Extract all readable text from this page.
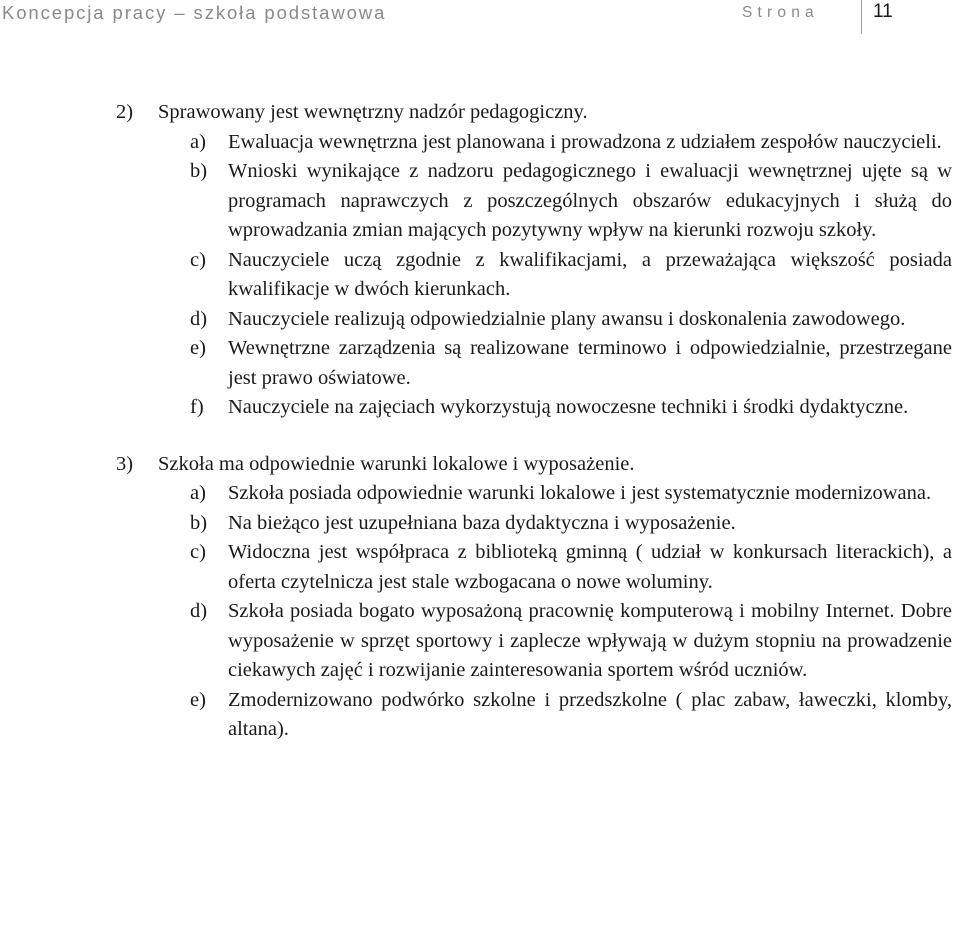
Koncepcja pracy – szkoła podstawowa	Strona	11
2) Sprawowany jest wewnętrzny nadzór pedagogiczny.
a) Ewaluacja wewnętrzna jest planowana i prowadzona z udziałem zespołów nauczycieli.
b) Wnioski wynikające z nadzoru pedagogicznego i ewaluacji wewnętrznej ujęte są w programach naprawczych z poszczególnych obszarów edukacyjnych i służą do wprowadzania zmian mających pozytywny wpływ na kierunki rozwoju szkoły.
c) Nauczyciele uczą zgodnie z kwalifikacjami, a przeważająca większość posiada kwalifikacje w dwóch kierunkach.
d) Nauczyciele realizują odpowiedzialnie plany awansu i doskonalenia zawodowego.
e) Wewnętrzne zarządzenia są realizowane terminowo i odpowiedzialnie, przestrzegane jest prawo oświatowe.
f) Nauczyciele na zajęciach wykorzystują nowoczesne techniki i środki dydaktyczne.
3) Szkoła ma odpowiednie warunki lokalowe i wyposażenie.
a) Szkoła posiada odpowiednie warunki lokalowe i jest systematycznie modernizowana.
b) Na bieżąco jest uzupełniana baza dydaktyczna i wyposażenie.
c) Widoczna jest współpraca z biblioteką gminną ( udział w konkursach literackich), a oferta czytelnicza jest stale wzbogacana o nowe woluminy.
d) Szkoła posiada bogato wyposażoną pracownię komputerową i mobilny Internet. Dobre wyposażenie w sprzęt sportowy i zaplecze wpływają w dużym stopniu na prowadzenie ciekawych zajęć i rozwijanie zainteresowania sportem wśród uczniów.
e) Zmodernizowano podwórko szkolne i przedszkolne ( plac zabaw, ławeczki, klomby, altana).
